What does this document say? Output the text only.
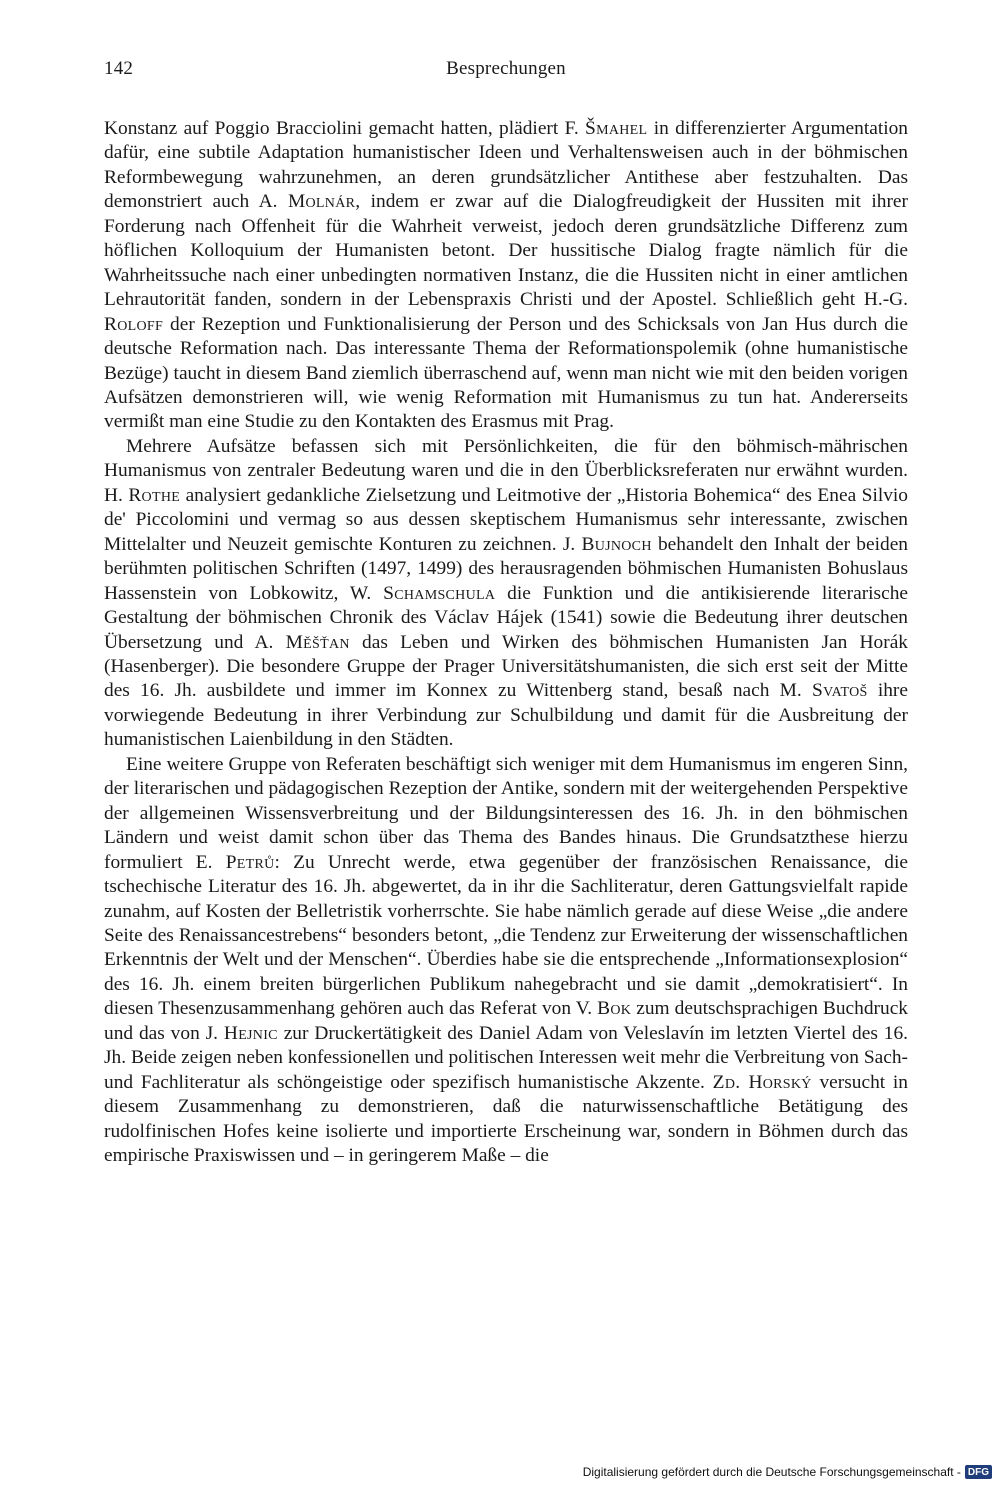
142	Besprechungen

Konstanz auf Poggio Bracciolini gemacht hatten, plädiert F. Šmahel in differenzierter Argumentation dafür, eine subtile Adaptation humanistischer Ideen und Verhaltensweisen auch in der böhmischen Reformbewegung wahrzunehmen, an deren grundsätzlicher Antithese aber festzuhalten. Das demonstriert auch A. Molnár, indem er zwar auf die Dialogfreudigkeit der Hussiten mit ihrer Forderung nach Offenheit für die Wahrheit verweist, jedoch deren grundsätzliche Differenz zum höflichen Kolloquium der Humanisten betont. Der hussitische Dialog fragte nämlich für die Wahrheitssuche nach einer unbedingten normativen Instanz, die die Hussiten nicht in einer amtlichen Lehrautorität fanden, sondern in der Lebenspraxis Christi und der Apostel. Schließlich geht H.-G. Roloff der Rezeption und Funktionalisierung der Person und des Schicksals von Jan Hus durch die deutsche Reformation nach. Das interessante Thema der Reformationspolemik (ohne humanistische Bezüge) taucht in diesem Band ziemlich überraschend auf, wenn man nicht wie mit den beiden vorigen Aufsätzen demonstrieren will, wie wenig Reformation mit Humanismus zu tun hat. Andererseits vermißt man eine Studie zu den Kontakten des Erasmus mit Prag.

Mehrere Aufsätze befassen sich mit Persönlichkeiten, die für den böhmisch-mährischen Humanismus von zentraler Bedeutung waren und die in den Überblicksreferaten nur erwähnt wurden. H. Rothe analysiert gedankliche Zielsetzung und Leitmotive der „Historia Bohemica“ des Enea Silvio de' Piccolomini und vermag so aus dessen skeptischem Humanismus sehr interessante, zwischen Mittelalter und Neuzeit gemischte Konturen zu zeichnen. J. Bujnoch behandelt den Inhalt der beiden berühmten politischen Schriften (1497, 1499) des herausragenden böhmischen Humanisten Bohuslaus Hassenstein von Lobkowitz, W. Schamschula die Funktion und die antikisierende literarische Gestaltung der böhmischen Chronik des Václav Hájek (1541) sowie die Bedeutung ihrer deutschen Übersetzung und A. Měšťan das Leben und Wirken des böhmischen Humanisten Jan Horák (Hasenberger). Die besondere Gruppe der Prager Universitätshumanisten, die sich erst seit der Mitte des 16. Jh. ausbildete und immer im Konnex zu Wittenberg stand, besaß nach M. Svatoš ihre vorwiegende Bedeutung in ihrer Verbindung zur Schulbildung und damit für die Ausbreitung der humanistischen Laienbildung in den Städten.

Eine weitere Gruppe von Referaten beschäftigt sich weniger mit dem Humanismus im engeren Sinn, der literarischen und pädagogischen Rezeption der Antike, sondern mit der weitergehenden Perspektive der allgemeinen Wissensverbreitung und der Bildungsinteressen des 16. Jh. in den böhmischen Ländern und weist damit schon über das Thema des Bandes hinaus. Die Grundsatzthese hierzu formuliert E. Petrů: Zu Unrecht werde, etwa gegenüber der französischen Renaissance, die tschechische Literatur des 16. Jh. abgewertet, da in ihr die Sachliteratur, deren Gattungsvielfalt rapide zunahm, auf Kosten der Belletristik vorherrschte. Sie habe nämlich gerade auf diese Weise „die andere Seite des Renaissancestrebens“ besonders betont, „die Tendenz zur Erweiterung der wissenschaftlichen Erkenntnis der Welt und der Menschen“. Überdies habe sie die entsprechende „Informationsexplosion“ des 16. Jh. einem breiten bürgerlichen Publikum nahegebracht und sie damit „demokratisiert“. In diesen Thesenzusammenhang gehören auch das Referat von V. Bok zum deutschsprachigen Buchdruck und das von J. Hejnic zur Druckertätigkeit des Daniel Adam von Veleslavín im letzten Viertel des 16. Jh. Beide zeigen neben konfessionellen und politischen Interessen weit mehr die Verbreitung von Sach- und Fachliteratur als schöngeistige oder spezifisch humanistische Akzente. Zd. Horský versucht in diesem Zusammenhang zu demonstrieren, daß die naturwissenschaftliche Betätigung des rudolfinischen Hofes keine isolierte und importierte Erscheinung war, sondern in Böhmen durch das empirische Praxiswissen und – in geringerem Maße – die

Digitalisierung gefördert durch die Deutsche Forschungsgemeinschaft - DFG
